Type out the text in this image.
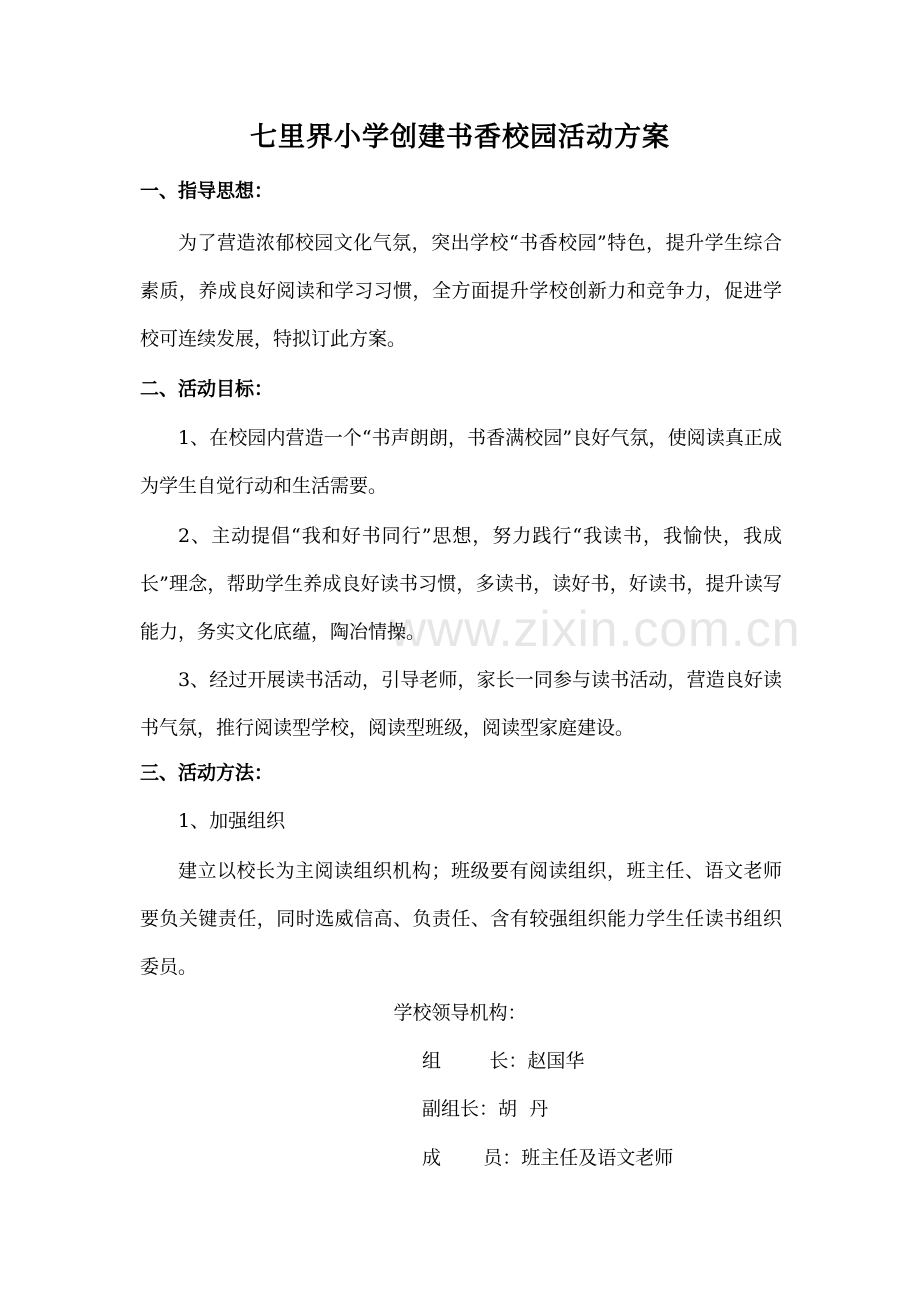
www.zixin.com.cn
七里界小学创建书香校园活动方案
一、指导思想：

为了营造浓郁校园文化气氛，突出学校“书香校园”特色，提升学生综合素质，养成良好阅读和学习习惯，全方面提升学校创新力和竞争力，促进学校可连续发展，特拟订此方案。

二、活动目标：

1、在校园内营造一个“书声朗朗，书香满校园”良好气氛，使阅读真正成为学生自觉行动和生活需要。

2、主动提倡“我和好书同行”思想，努力践行“我读书，我愉快，我成长”理念，帮助学生养成良好读书习惯，多读书，读好书，好读书，提升读写能力，务实文化底蕴，陶冶情操。

3、经过开展读书活动，引导老师，家长一同参与读书活动，营造良好读书气氛，推行阅读型学校，阅读型班级，阅读型家庭建设。

三、活动方法：
1、加强组织

建立以校长为主阅读组织机构；班级要有阅读组织，班主任、语文老师要负关键责任，同时选威信高、负责任、含有较强组织能力学生任读书组织委员。

学校领导机构：
组        长：赵国华
副组长：胡  丹
成       员：班主任及语文老师
